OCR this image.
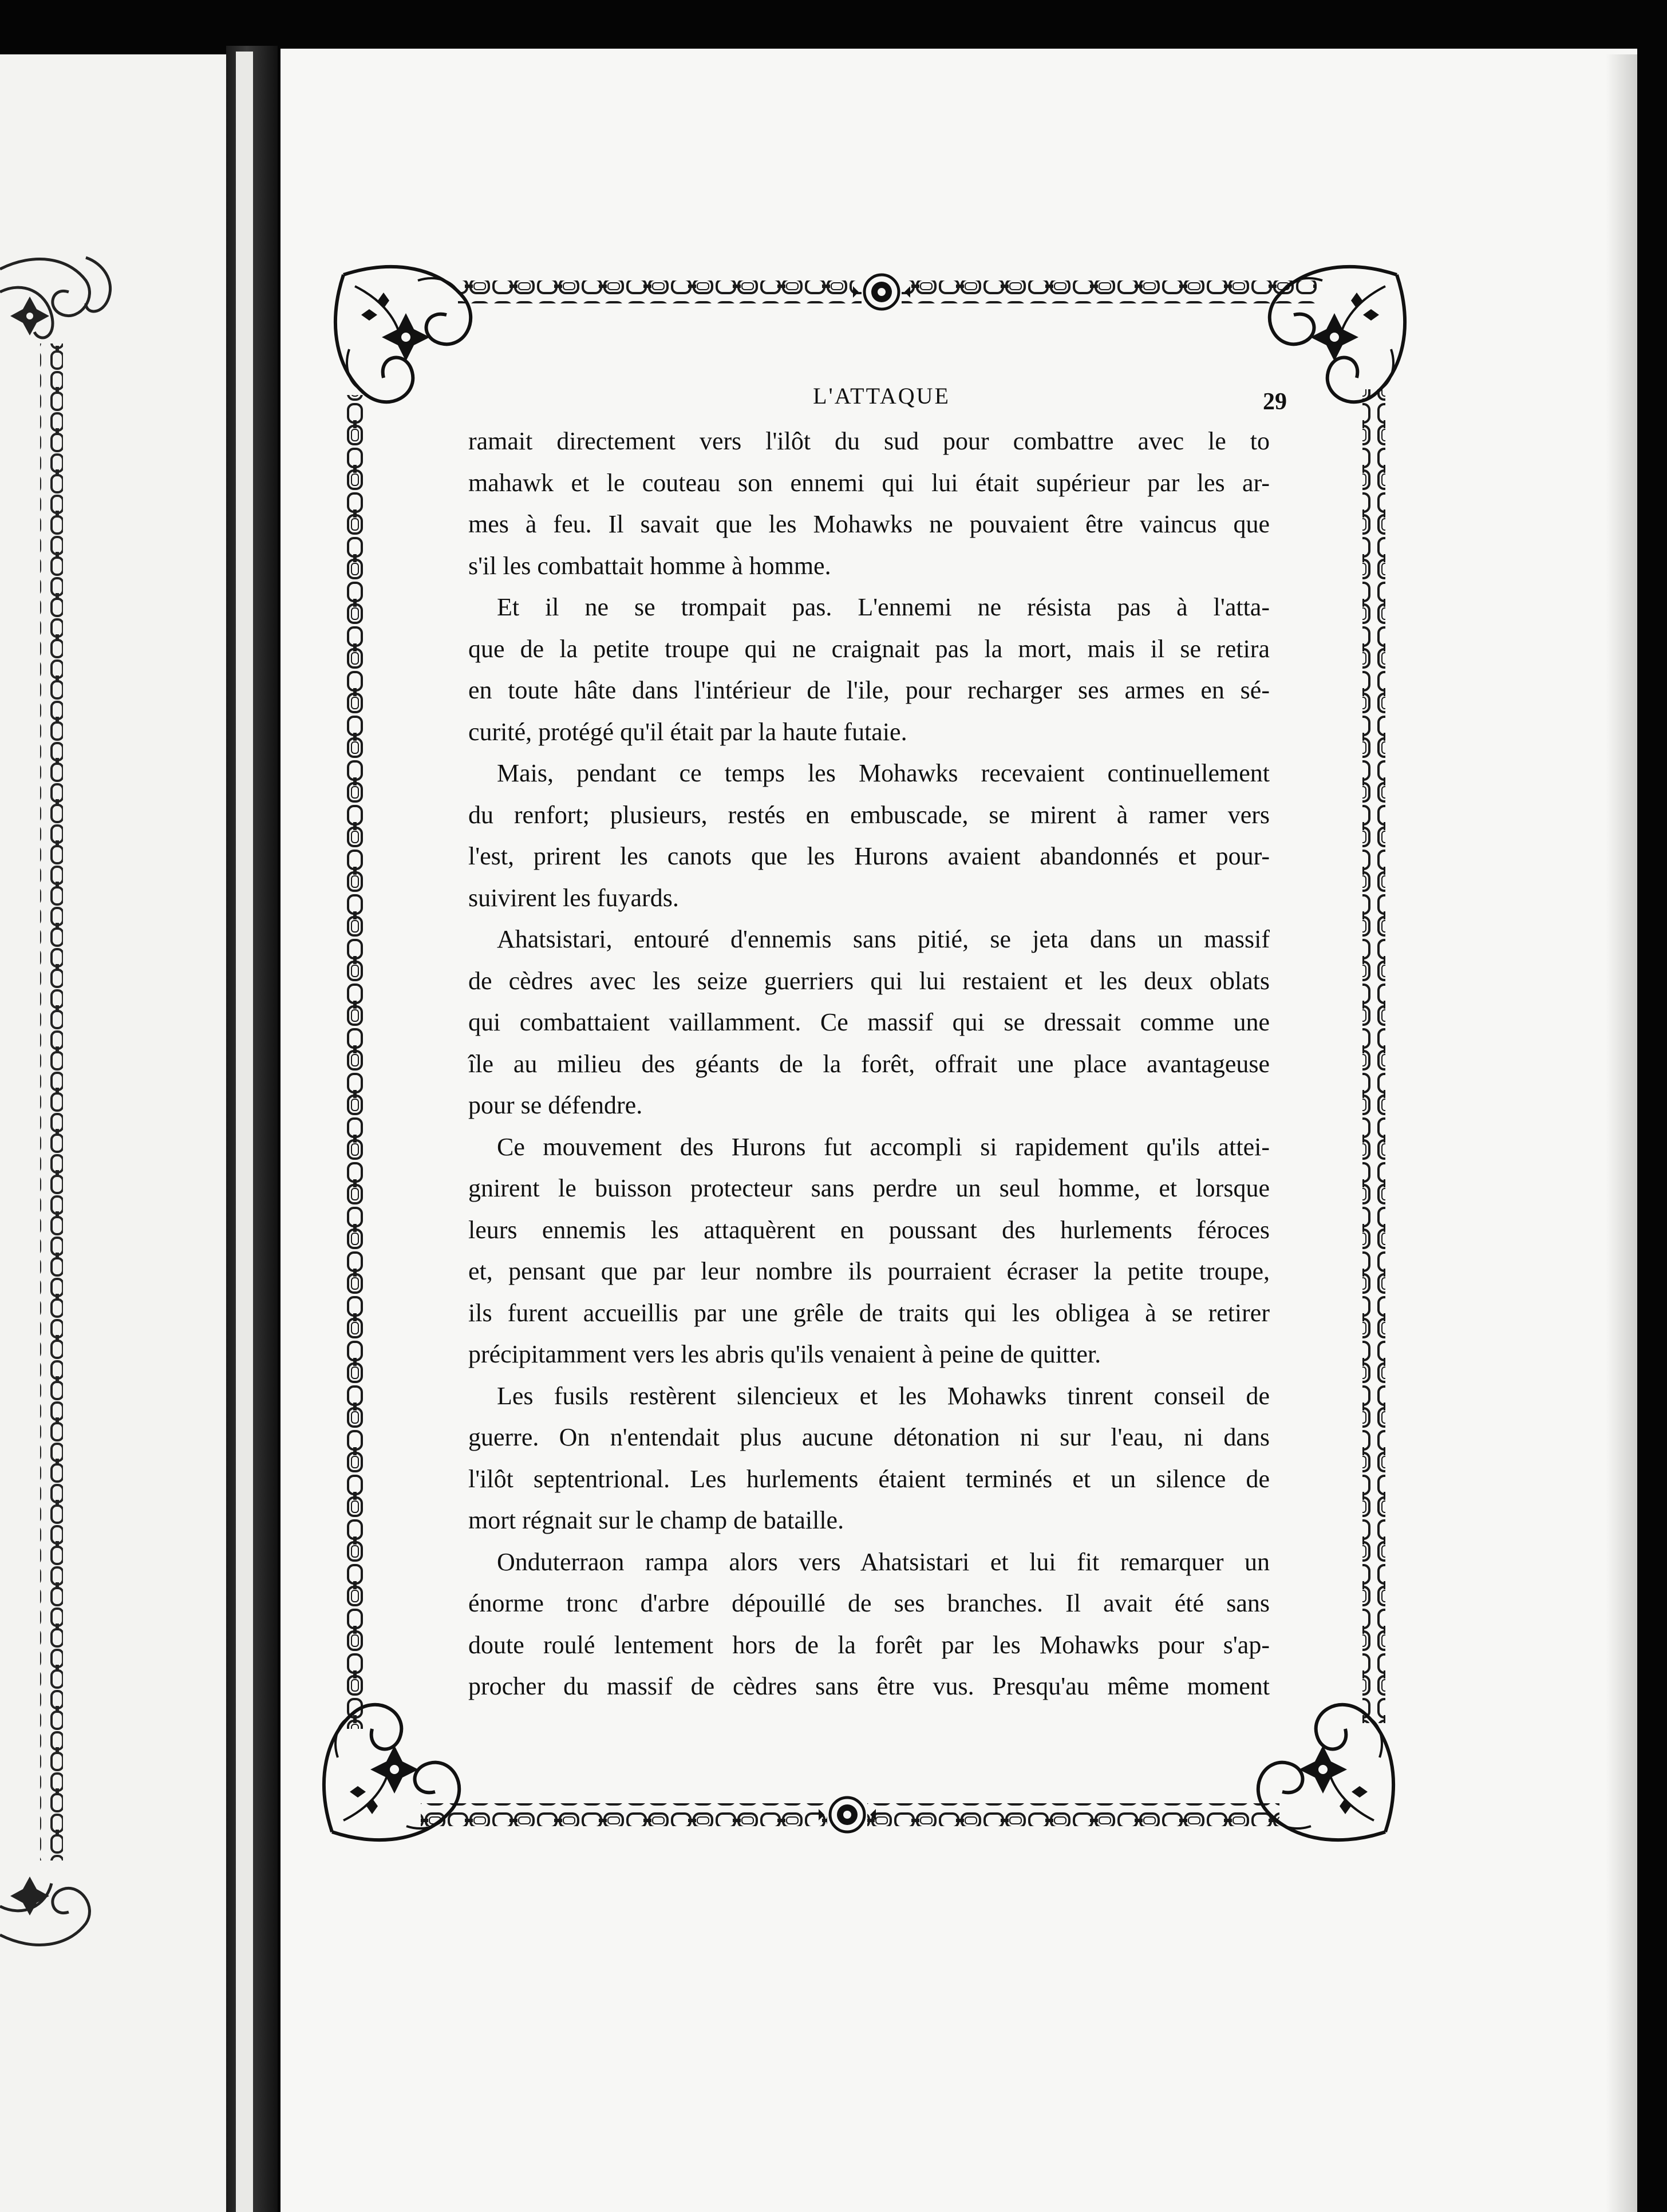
L'ATTAQUE	29
ramait directement vers l'ilôt du sud pour combattre avec le to
mahawk et le couteau son ennemi qui lui était supérieur par les ar-
mes à feu. Il savait que les Mohawks ne pouvaient être vaincus que
s'il les combattait homme à homme.
Et il ne se trompait pas. L'ennemi ne résista pas à l'atta-
que de la petite troupe qui ne craignait pas la mort, mais il se retira
en toute hâte dans l'intérieur de l'ile, pour recharger ses armes en sé-
curité, protégé qu'il était par la haute futaie.
Mais, pendant ce temps les Mohawks recevaient continuellement
du renfort; plusieurs, restés en embuscade, se mirent à ramer vers
l'est, prirent les canots que les Hurons avaient abandonnés et pour-
suivirent les fuyards.
Ahatsistari, entouré d'ennemis sans pitié, se jeta dans un massif
de cèdres avec les seize guerriers qui lui restaient et les deux oblats
qui combattaient vaillamment. Ce massif qui se dressait comme une
île au milieu des géants de la forêt, offrait une place avantageuse
pour se défendre.
Ce mouvement des Hurons fut accompli si rapidement qu'ils attei-
gnirent le buisson protecteur sans perdre un seul homme, et lorsque
leurs ennemis les attaquèrent en poussant des hurlements féroces
et, pensant que par leur nombre ils pourraient écraser la petite troupe,
ils furent accueillis par une grêle de traits qui les obligea à se retirer
précipitamment vers les abris qu'ils venaient à peine de quitter.
Les fusils restèrent silencieux et les Mohawks tinrent conseil de
guerre. On n'entendait plus aucune détonation ni sur l'eau, ni dans
l'ilôt septentrional. Les hurlements étaient terminés et un silence de
mort régnait sur le champ de bataille.
Onduterraon rampa alors vers Ahatsistari et lui fit remarquer un
énorme tronc d'arbre dépouillé de ses branches. Il avait été sans
doute roulé lentement hors de la forêt par les Mohawks pour s'ap-
procher du massif de cèdres sans être vus. Presqu'au même moment
